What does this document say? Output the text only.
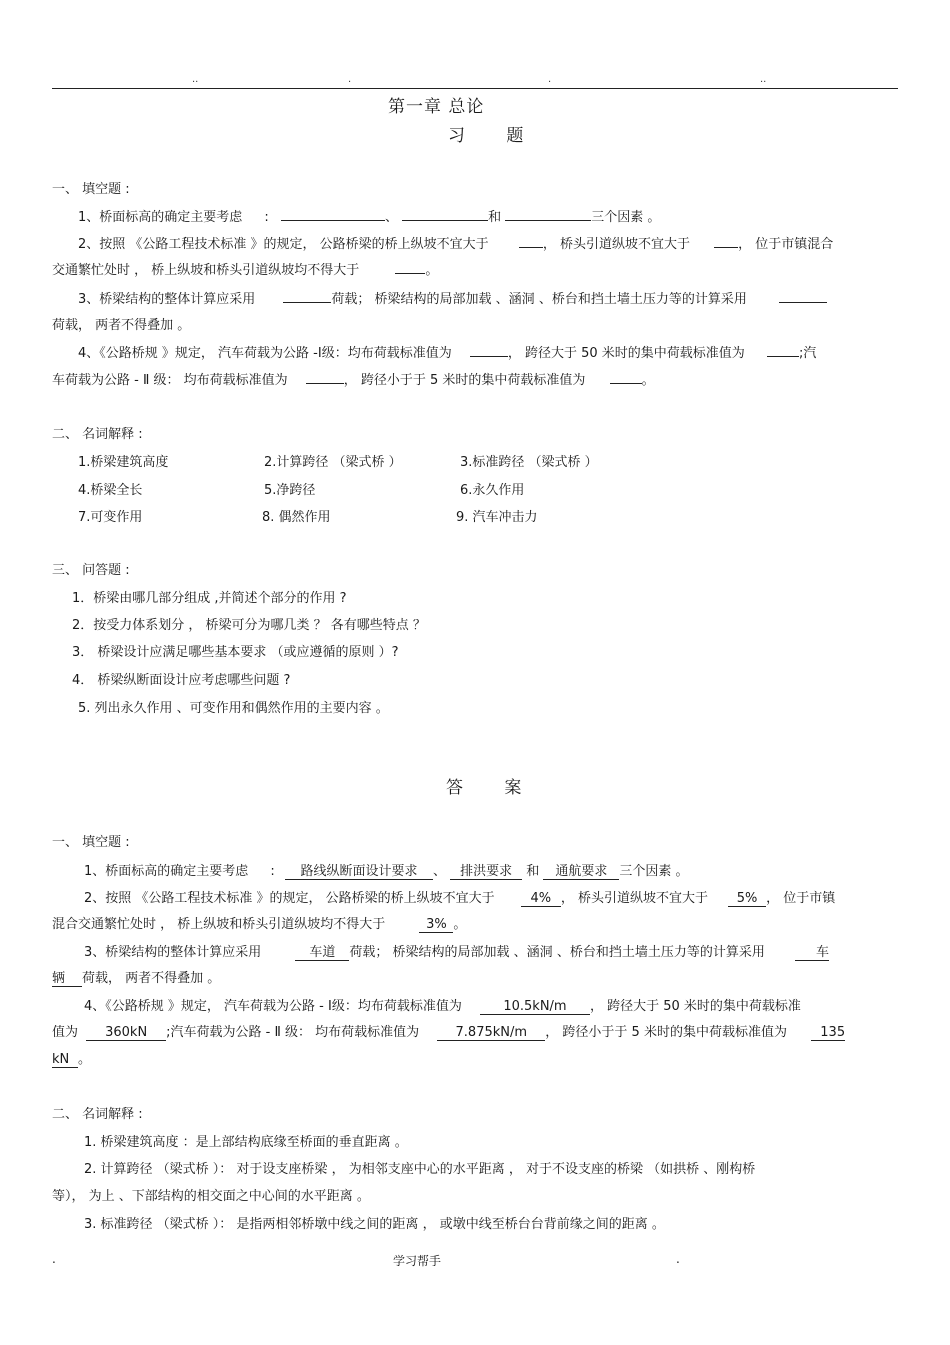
..	.	.	..
第一章 总论
习 题
一、 填空题 :
1、桥面标高的确定主要考虑 :	、	和	三个因素 。
2、按照 《公路工程技术标准 》的规定， 公路桥梁的桥上纵坡不宜大于	， 桥头引道纵坡不宜大于	， 位于市镇混合
交通繁忙处时 ， 桥上纵坡和桥头引道纵坡均不得大于	。
3、桥梁结构的整体计算应采用	荷载； 桥梁结构的局部加载 、涵洞 、桥台和挡土墙土压力等的计算采用
荷载， 两者不得叠加 。
4、《公路桥规 》规定， 汽车荷载为公路 -Ⅰ级：均布荷载标准值为	， 跨径大于 50 米时的集中荷载标准值为	;汽
车荷载为公路 - Ⅱ 级： 均布荷载标准值为	， 跨径小于于 5 米时的集中荷载标准值为	。
二、 名词解释 :
1.桥梁建筑高度	2.计算跨径 （梁式桥 ）	3.标准跨径 （梁式桥 ）
4.桥梁全长	5.净跨径	6.永久作用
7.可变作用	8. 偶然作用	9. 汽车冲击力
三、 问答题 :
1．桥梁由哪几部分组成 ,并简述个部分的作用 ?
2．按受力体系划分 ， 桥梁可分为哪几类 ？ 各有哪些特点 ？
3． 桥梁设计应满足哪些基本要求 （或应遵循的原则 ）?
4． 桥梁纵断面设计应考虑哪些问题 ?
5. 列出永久作用 、可变作用和偶然作用的主要内容 。
答 案
一、 填空题 :
1、桥面标高的确定主要考虑 : 路线纵断面设计要求 、 排洪要求 和 通航要求 三个因素 。
2、按照 《公路工程技术标准 》的规定， 公路桥梁的桥上纵坡不宜大于	4% ， 桥头引道纵坡不宜大于 5% ， 位于市镇
混合交通繁忙处时 ， 桥上纵坡和桥头引道纵坡均不得大于	3% 。
3、桥梁结构的整体计算应采用	车道 荷载； 桥梁结构的局部加载 、涵洞 、桥台和挡土墙土压力等的计算采用	车
辆 荷载， 两者不得叠加 。
4、《公路桥规 》规定， 汽车荷载为公路 - Ⅰ级：均布荷载标准值为	10.5kN/m ， 跨径大于 50 米时的集中荷载标准
值为 360kN ;汽车荷载为公路 - Ⅱ 级： 均布荷载标准值为	7.875kN/m ， 跨径小于于 5 米时的集中荷载标准值为	135
kN 。
二、 名词解释 :
1. 桥梁建筑高度 ：是上部结构底缘至桥面的垂直距离 。
2. 计算跨径 （梁式桥 ）： 对于设支座桥梁 ， 为相邻支座中心的水平距离 ， 对于不设支座的桥梁 （如拱桥 、刚构桥
等）， 为上 、下部结构的相交面之中心间的水平距离 。
3. 标准跨径 （梁式桥 ）： 是指两相邻桥墩中线之间的距离 ， 或墩中线至桥台台背前缘之间的距离 。
.	学习帮手	.
